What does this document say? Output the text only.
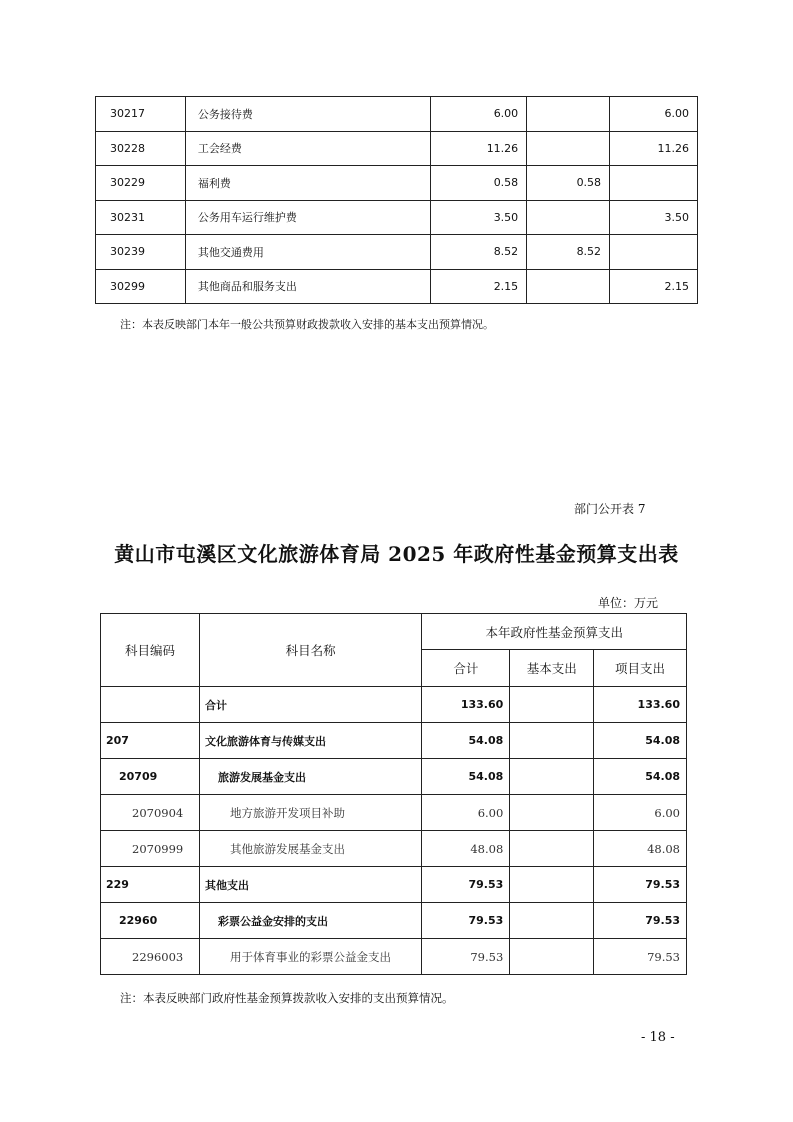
30217	公务接待费	6.00		6.00
30228	工会经费	11.26		11.26
30229	福利费	0.58	0.58	
30231	公务用车运行维护费	3.50		3.50
30239	其他交通费用	8.52	8.52	
30299	其他商品和服务支出	2.15		2.15
注：本表反映部门本年一般公共预算财政拨款收入安排的基本支出预算情况。
部门公开表 7
黄山市屯溪区文化旅游体育局 2025 年政府性基金预算支出表
单位：万元
科目编码	科目名称	本年政府性基金预算支出		
		合计	基本支出	项目支出
	合计	133.60		133.60
207	文化旅游体育与传媒支出	54.08		54.08
20709	旅游发展基金支出	54.08		54.08
2070904	地方旅游开发项目补助	6.00		6.00
2070999	其他旅游发展基金支出	48.08		48.08
229	其他支出	79.53		79.53
22960	彩票公益金安排的支出	79.53		79.53
2296003	用于体育事业的彩票公益金支出	79.53		79.53
注：本表反映部门政府性基金预算拨款收入安排的支出预算情况。
- 18 -
